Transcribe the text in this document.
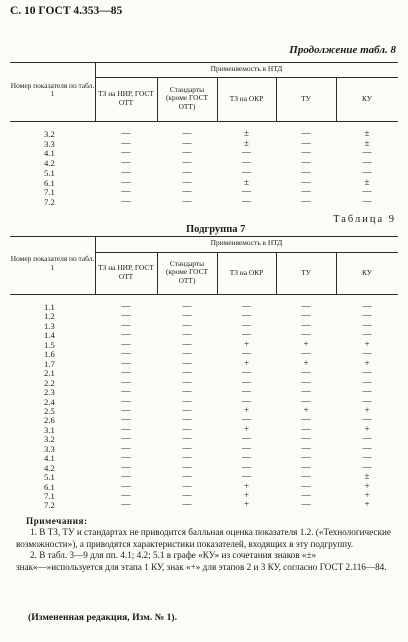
С. 10 ГОСТ 4.353—85
Продолжение табл. 8
Номер показателя по табл. 1
Применяемость в НТД
ТЗ на НИР, ГОСТ ОТТ
Стандарты (кроме ГОСТ ОТТ)
ТЗ на ОКР	ТУ	КУ
3.2	—	—	±	—	±
3.3	—	—	±	—	±
4.1	—	—	—	—	—
4.2	—	—	—	—	—
5.1	—	—	—	—	—
6.1	—	—	±	—	±
7.1	—	—	—	—	—
7.2	—	—	—	—	—
Таблица 9
Подгруппа 7
Номер показателя по табл. 1
Применяемость в НТД
ТЗ на НИР, ГОСТ ОТТ
Стандарты (кроме ГОСТ ОТТ)
ТЗ на ОКР	ТУ	КУ
1.1	—	—	—	—	—
1.2	—	—	—	—	—
1.3	—	—	—	—	—
1.4	—	—	—	—	—
1.5	—	—	+	+	+
1.6	—	—	—	—	—
1.7	—	—	+	+	+
2.1	—	—	—	—	—
2.2	—	—	—	—	—
2.3	—	—	—	—	—
2.4	—	—	—	—	—
2.5	—	—	+	+	+
2.6	—	—	—	—	—
3.1	—	—	+	—	+
3.2	—	—	—	—	—
3.3	—	—	—	—	—
4.1	—	—	—	—	—
4.2	—	—	—	—	—
5.1	—	—	—	—	±
6.1	—	—	+	—	+
7.1	—	—	+	—	+
7.2	—	—	+	—	+
Примечания:
1. В ТЗ, ТУ и стандартах не приводится балльная оценка показателя 1.2. («Технологические возможности»), а приводятся характеристики показателей, входящих в эту подгруппу.
2. В табл. 3—9 для пп. 4.1; 4.2; 5.1 в графе «КУ» из сочетания знаков «±» знак«—»используется для этапа 1 КУ, знак «+» для этапов 2 и 3 КУ, согласно ГОСТ 2.116—84.
(Измененная редакция, Изм. № 1).
